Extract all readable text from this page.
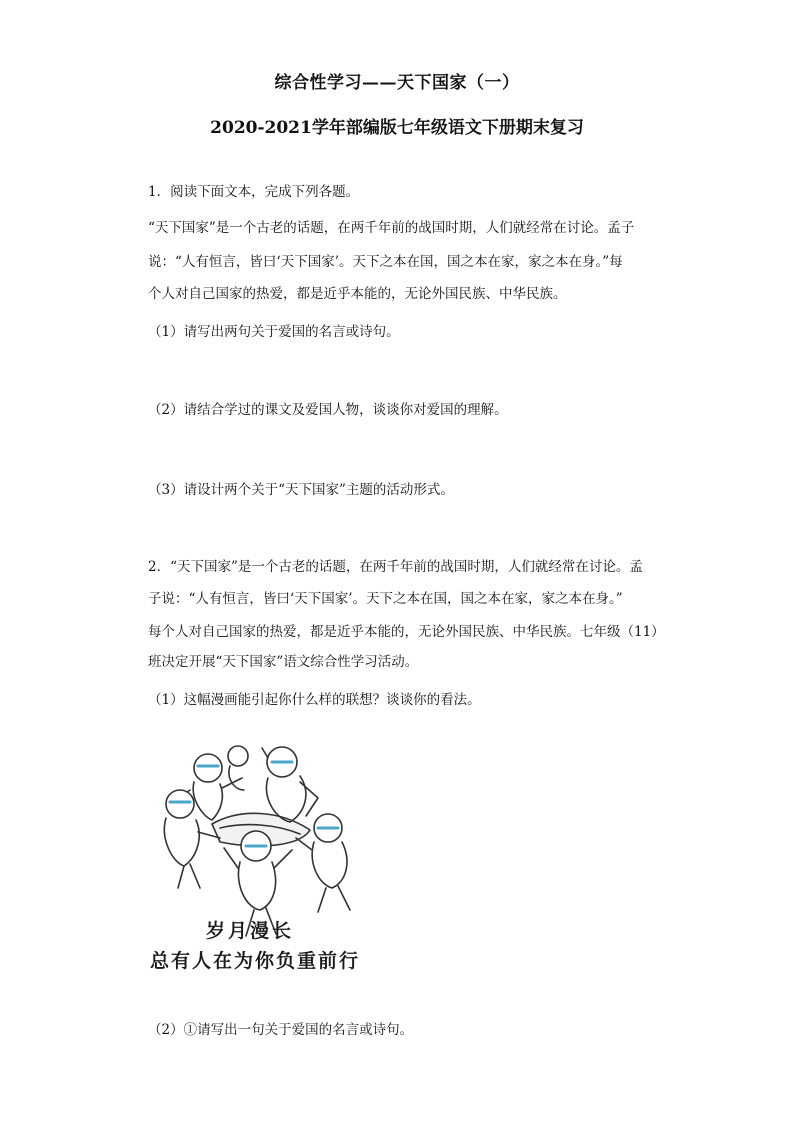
综合性学习——天下国家（一）
2020-2021学年部编版七年级语文下册期末复习
1．阅读下面文本，完成下列各题。
“天下国家”是一个古老的话题，在两千年前的战国时期，人们就经常在讨论。孟子
说：“人有恒言，皆曰‘天下国家’。天下之本在国，国之本在家，家之本在身。”每
个人对自己国家的热爱，都是近乎本能的，无论外国民族、中华民族。
（1）请写出两句关于爱国的名言或诗句。
（2）请结合学过的课文及爱国人物，谈谈你对爱国的理解。
（3）请设计两个关于“天下国家”主题的活动形式。
2．“天下国家”是一个古老的话题，在两千年前的战国时期，人们就经常在讨论。孟
子说：“人有恒言，皆曰‘天下国家’。天下之本在国，国之本在家，家之本在身。”
每个人对自己国家的热爱，都是近乎本能的，无论外国民族、中华民族。七年级（11）
班决定开展“天下国家”语文综合性学习活动。
（1）这幅漫画能引起你什么样的联想？谈谈你的看法。
岁月漫长
总有人在为你负重前行
（2）①请写出一句关于爱国的名言或诗句。
